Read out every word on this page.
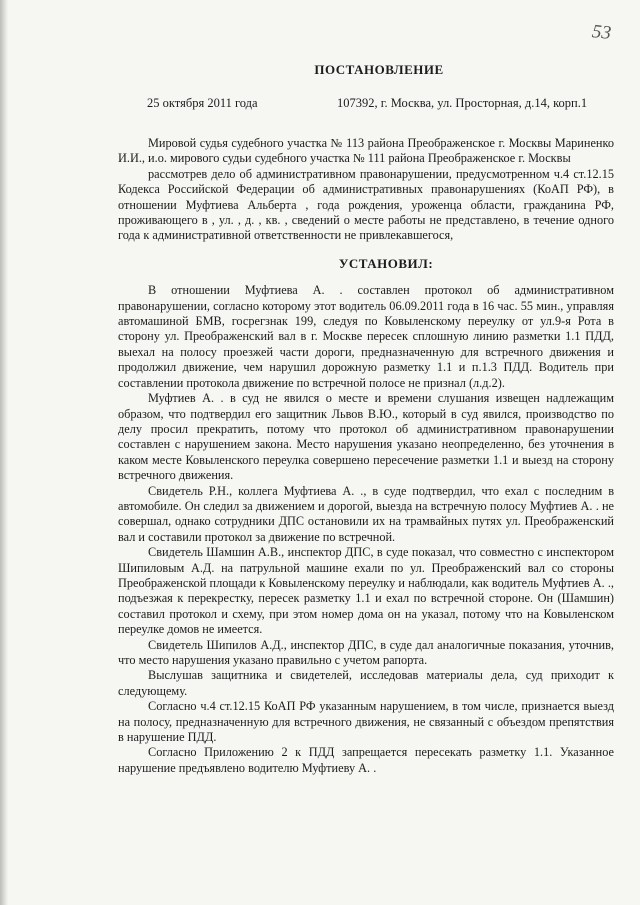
53
ПОСТАНОВЛЕНИЕ
25 октября 2011 года	107392, г. Москва, ул. Просторная, д.14, корп.1

Мировой судья судебного участка № 113 района Преображенское г. Москвы Мариненко И.И., и.о. мирового судьи судебного участка № 111 района Преображенское г. Москвы

рассмотрев дело об административном правонарушении, предусмотренном ч.4 ст.12.15 Кодекса Российской Федерации об административных правонарушениях (КоАП РФ), в отношении Муфтиева Альберта , года рождения, уроженца области, гражданина РФ, проживающего в , ул. , д. , кв. , сведений о месте работы не представлено, в течение одного года к административной ответственности не привлекавшегося,

УСТАНОВИЛ:

В отношении Муфтиева А. . составлен протокол об административном правонарушении, согласно которому этот водитель 06.09.2011 года в 16 час. 55 мин., управляя автомашиной БМВ, госрегзнак 199, следуя по Ковыленскому переулку от ул.9-я Рота в сторону ул. Преображенский вал в г. Москве пересек сплошную линию разметки 1.1 ПДД, выехал на полосу проезжей части дороги, предназначенную для встречного движения и продолжил движение, чем нарушил дорожную разметку 1.1 и п.1.3 ПДД. Водитель при составлении протокола движение по встречной полосе не признал (л.д.2).

Муфтиев А. . в суд не явился о месте и времени слушания извещен надлежащим образом, что подтвердил его защитник Львов В.Ю., который в суд явился, производство по делу просил прекратить, потому что протокол об административном правонарушении составлен с нарушением закона. Место нарушения указано неопределенно, без уточнения в каком месте Ковыленского переулка совершено пересечение разметки 1.1 и выезд на сторону встречного движения.

Свидетель Р.Н., коллега Муфтиева А. ., в суде подтвердил, что ехал с последним в автомобиле. Он следил за движением и дорогой, выезда на встречную полосу Муфтиев А. . не совершал, однако сотрудники ДПС остановили их на трамвайных путях ул. Преображенский вал и составили протокол за движение по встречной.

Свидетель Шамшин А.В., инспектор ДПС, в суде показал, что совместно с инспектором Шипиловым А.Д. на патрульной машине ехали по ул. Преображенский вал со стороны Преображенской площади к Ковыленскому переулку и наблюдали, как водитель Муфтиев А. ., подъезжая к перекрестку, пересек разметку 1.1 и ехал по встречной стороне. Он (Шамшин) составил протокол и схему, при этом номер дома он на указал, потому что на Ковыленском переулке домов не имеется.

Свидетель Шипилов А.Д., инспектор ДПС, в суде дал аналогичные показания, уточнив, что место нарушения указано правильно с учетом рапорта.

Выслушав защитника и свидетелей, исследовав материалы дела, суд приходит к следующему.

Согласно ч.4 ст.12.15 КоАП РФ указанным нарушением, в том числе, признается выезд на полосу, предназначенную для встречного движения, не связанный с объездом препятствия в нарушение ПДД.

Согласно Приложению 2 к ПДД запрещается пересекать разметку 1.1. Указанное нарушение предъявлено водителю Муфтиеву А. .
